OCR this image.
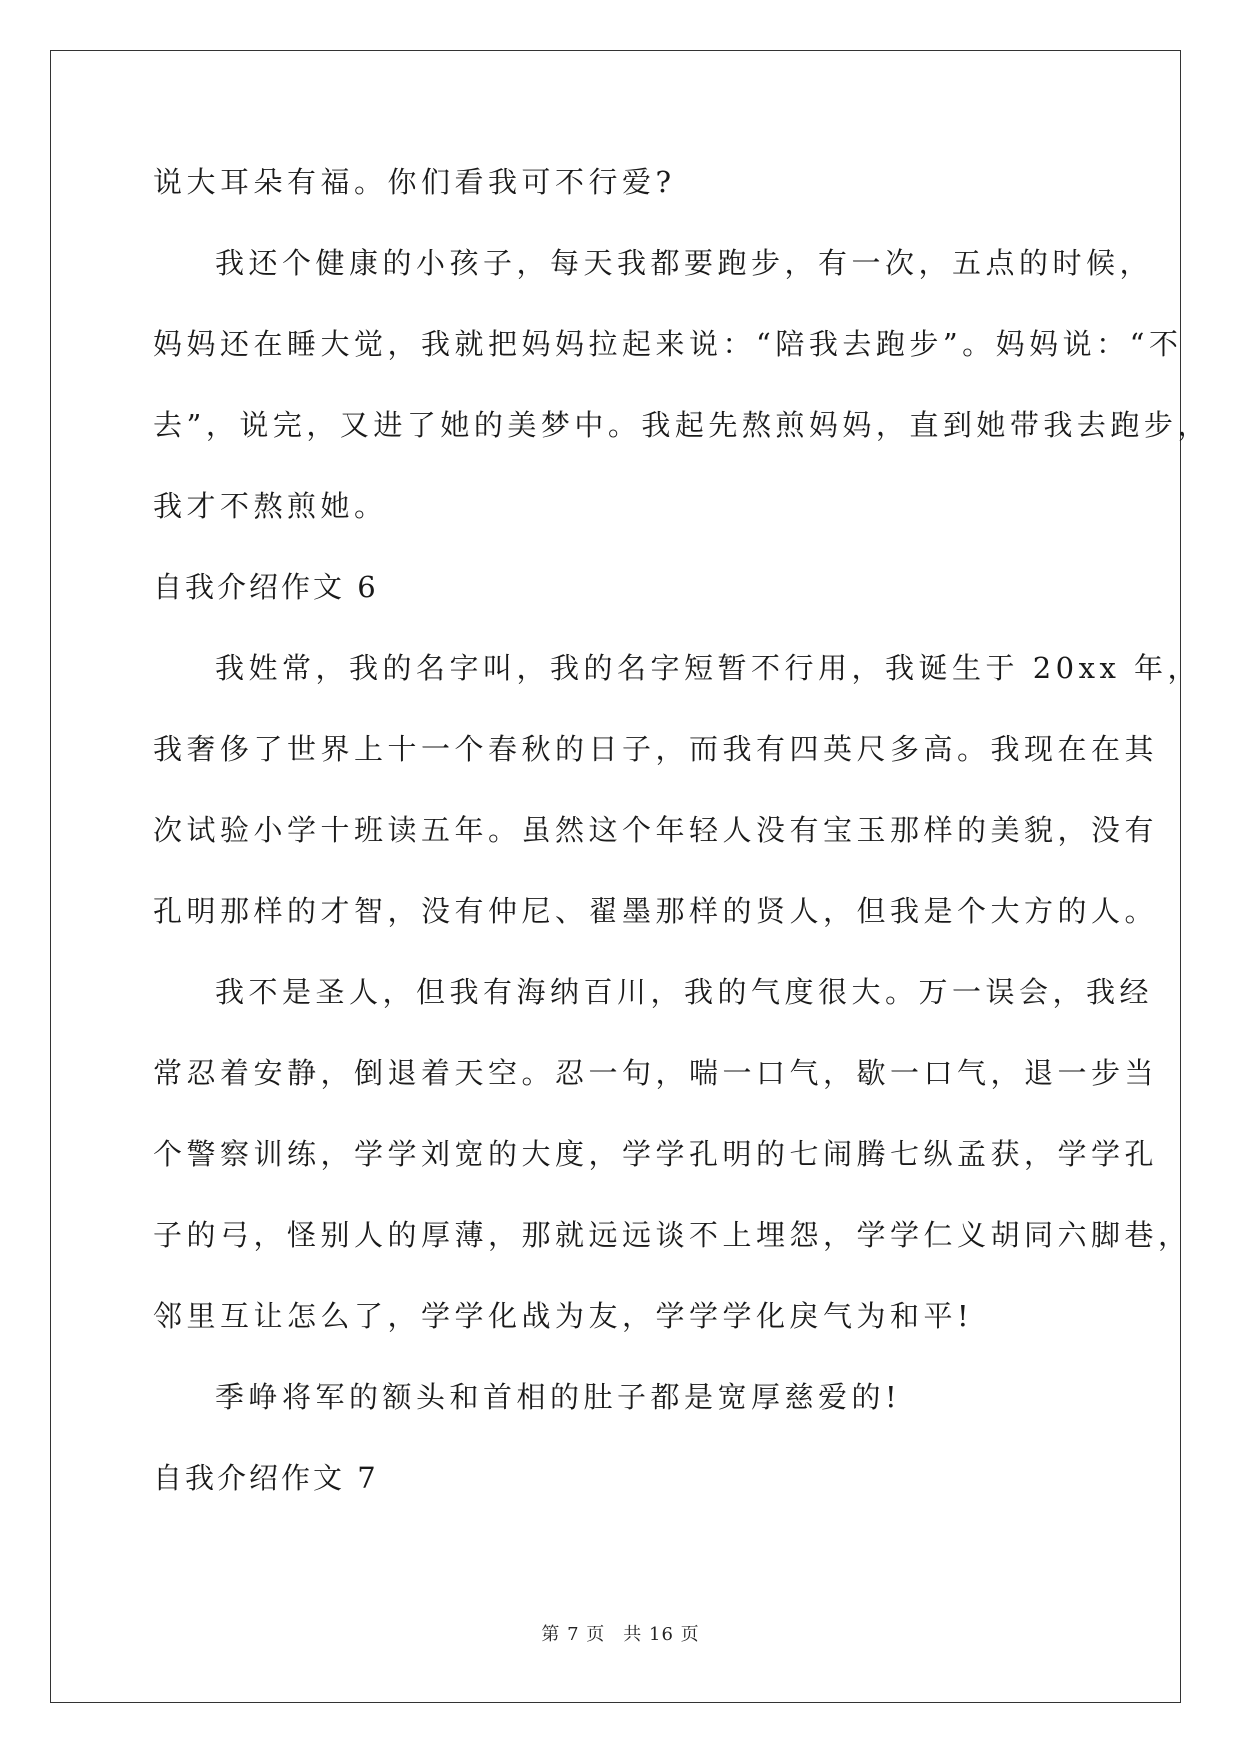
说大耳朵有福。你们看我可不行爱?
我还个健康的小孩子，每天我都要跑步，有一次，五点的时候，
妈妈还在睡大觉，我就把妈妈拉起来说：“陪我去跑步”。妈妈说：“不
去”，说完，又进了她的美梦中。我起先熬煎妈妈，直到她带我去跑步，
我才不熬煎她。
自我介绍作文 6
我姓常，我的名字叫，我的名字短暂不行用，我诞生于 20xx 年，
我奢侈了世界上十一个春秋的日子，而我有四英尺多高。我现在在其
次试验小学十班读五年。虽然这个年轻人没有宝玉那样的美貌，没有
孔明那样的才智，没有仲尼、翟墨那样的贤人，但我是个大方的人。
我不是圣人，但我有海纳百川，我的气度很大。万一误会，我经
常忍着安静，倒退着天空。忍一句，喘一口气，歇一口气，退一步当
个警察训练，学学刘宽的大度，学学孔明的七闹腾七纵孟获，学学孔
子的弓，怪别人的厚薄，那就远远谈不上埋怨，学学仁义胡同六脚巷，
邻里互让怎么了，学学化战为友，学学学化戾气为和平!
季峥将军的额头和首相的肚子都是宽厚慈爱的!
自我介绍作文 7
第 7 页 共 16 页
